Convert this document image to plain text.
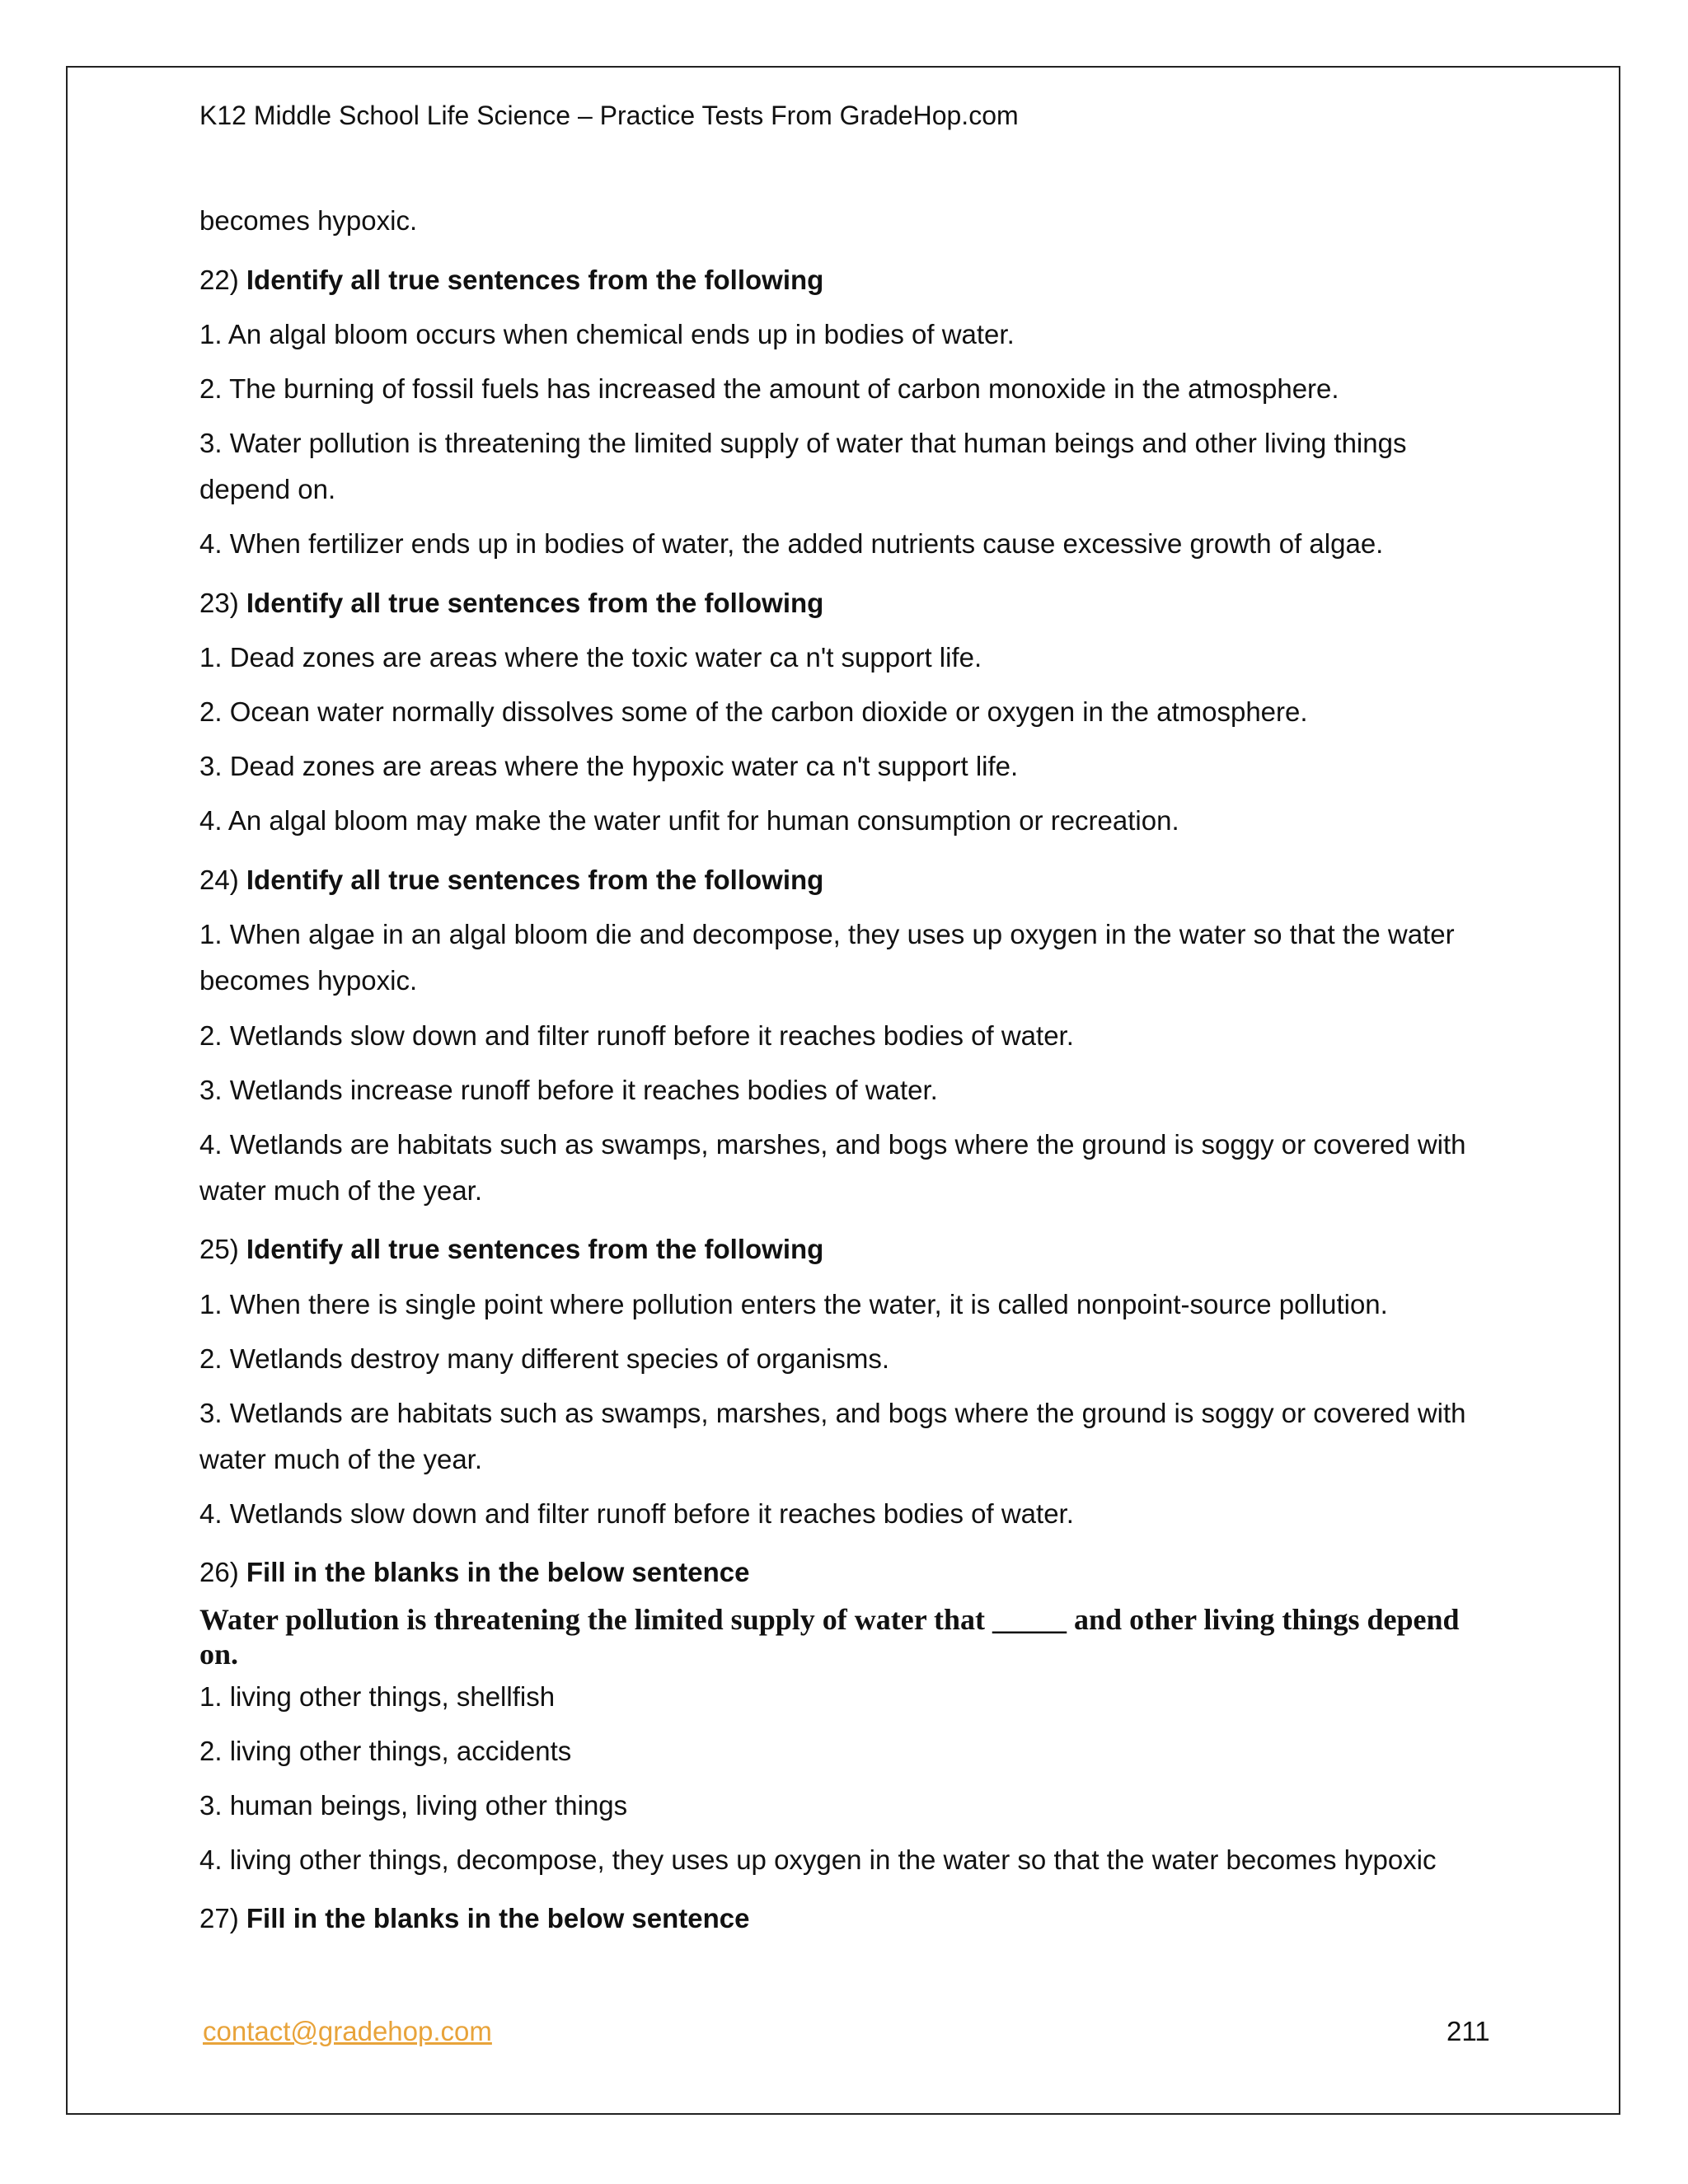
K12 Middle School Life Science – Practice Tests From GradeHop.com
becomes hypoxic.
22) Identify all true sentences from the following
1. An algal bloom occurs when chemical ends up in bodies of water.
2. The burning of fossil fuels has increased the amount of carbon monoxide in the atmosphere.
3. Water pollution is threatening the limited supply of water that human beings and other living things depend on.
4. When fertilizer ends up in bodies of water, the added nutrients cause excessive growth of algae.
23) Identify all true sentences from the following
1. Dead zones are areas where the toxic water ca n't support life.
2. Ocean water normally dissolves some of the carbon dioxide or oxygen in the atmosphere.
3. Dead zones are areas where the hypoxic water ca n't support life.
4. An algal bloom may make the water unfit for human consumption or recreation.
24) Identify all true sentences from the following
1. When algae in an algal bloom die and decompose, they uses up oxygen in the water so that the water becomes hypoxic.
2. Wetlands slow down and filter runoff before it reaches bodies of water.
3. Wetlands increase runoff before it reaches bodies of water.
4. Wetlands are habitats such as swamps, marshes, and bogs where the ground is soggy or covered with water much of the year.
25) Identify all true sentences from the following
1. When there is single point where pollution enters the water, it is called nonpoint-source pollution.
2. Wetlands destroy many different species of organisms.
3. Wetlands are habitats such as swamps, marshes, and bogs where the ground is soggy or covered with water much of the year.
4. Wetlands slow down and filter runoff before it reaches bodies of water.
26) Fill in the blanks in the below sentence
Water pollution is threatening the limited supply of water that _____ and other living things depend on.
1. living other things, shellfish
2. living other things, accidents
3. human beings, living other things
4. living other things, decompose, they uses up oxygen in the water so that the water becomes hypoxic
27) Fill in the blanks in the below sentence
contact@gradehop.com	211
